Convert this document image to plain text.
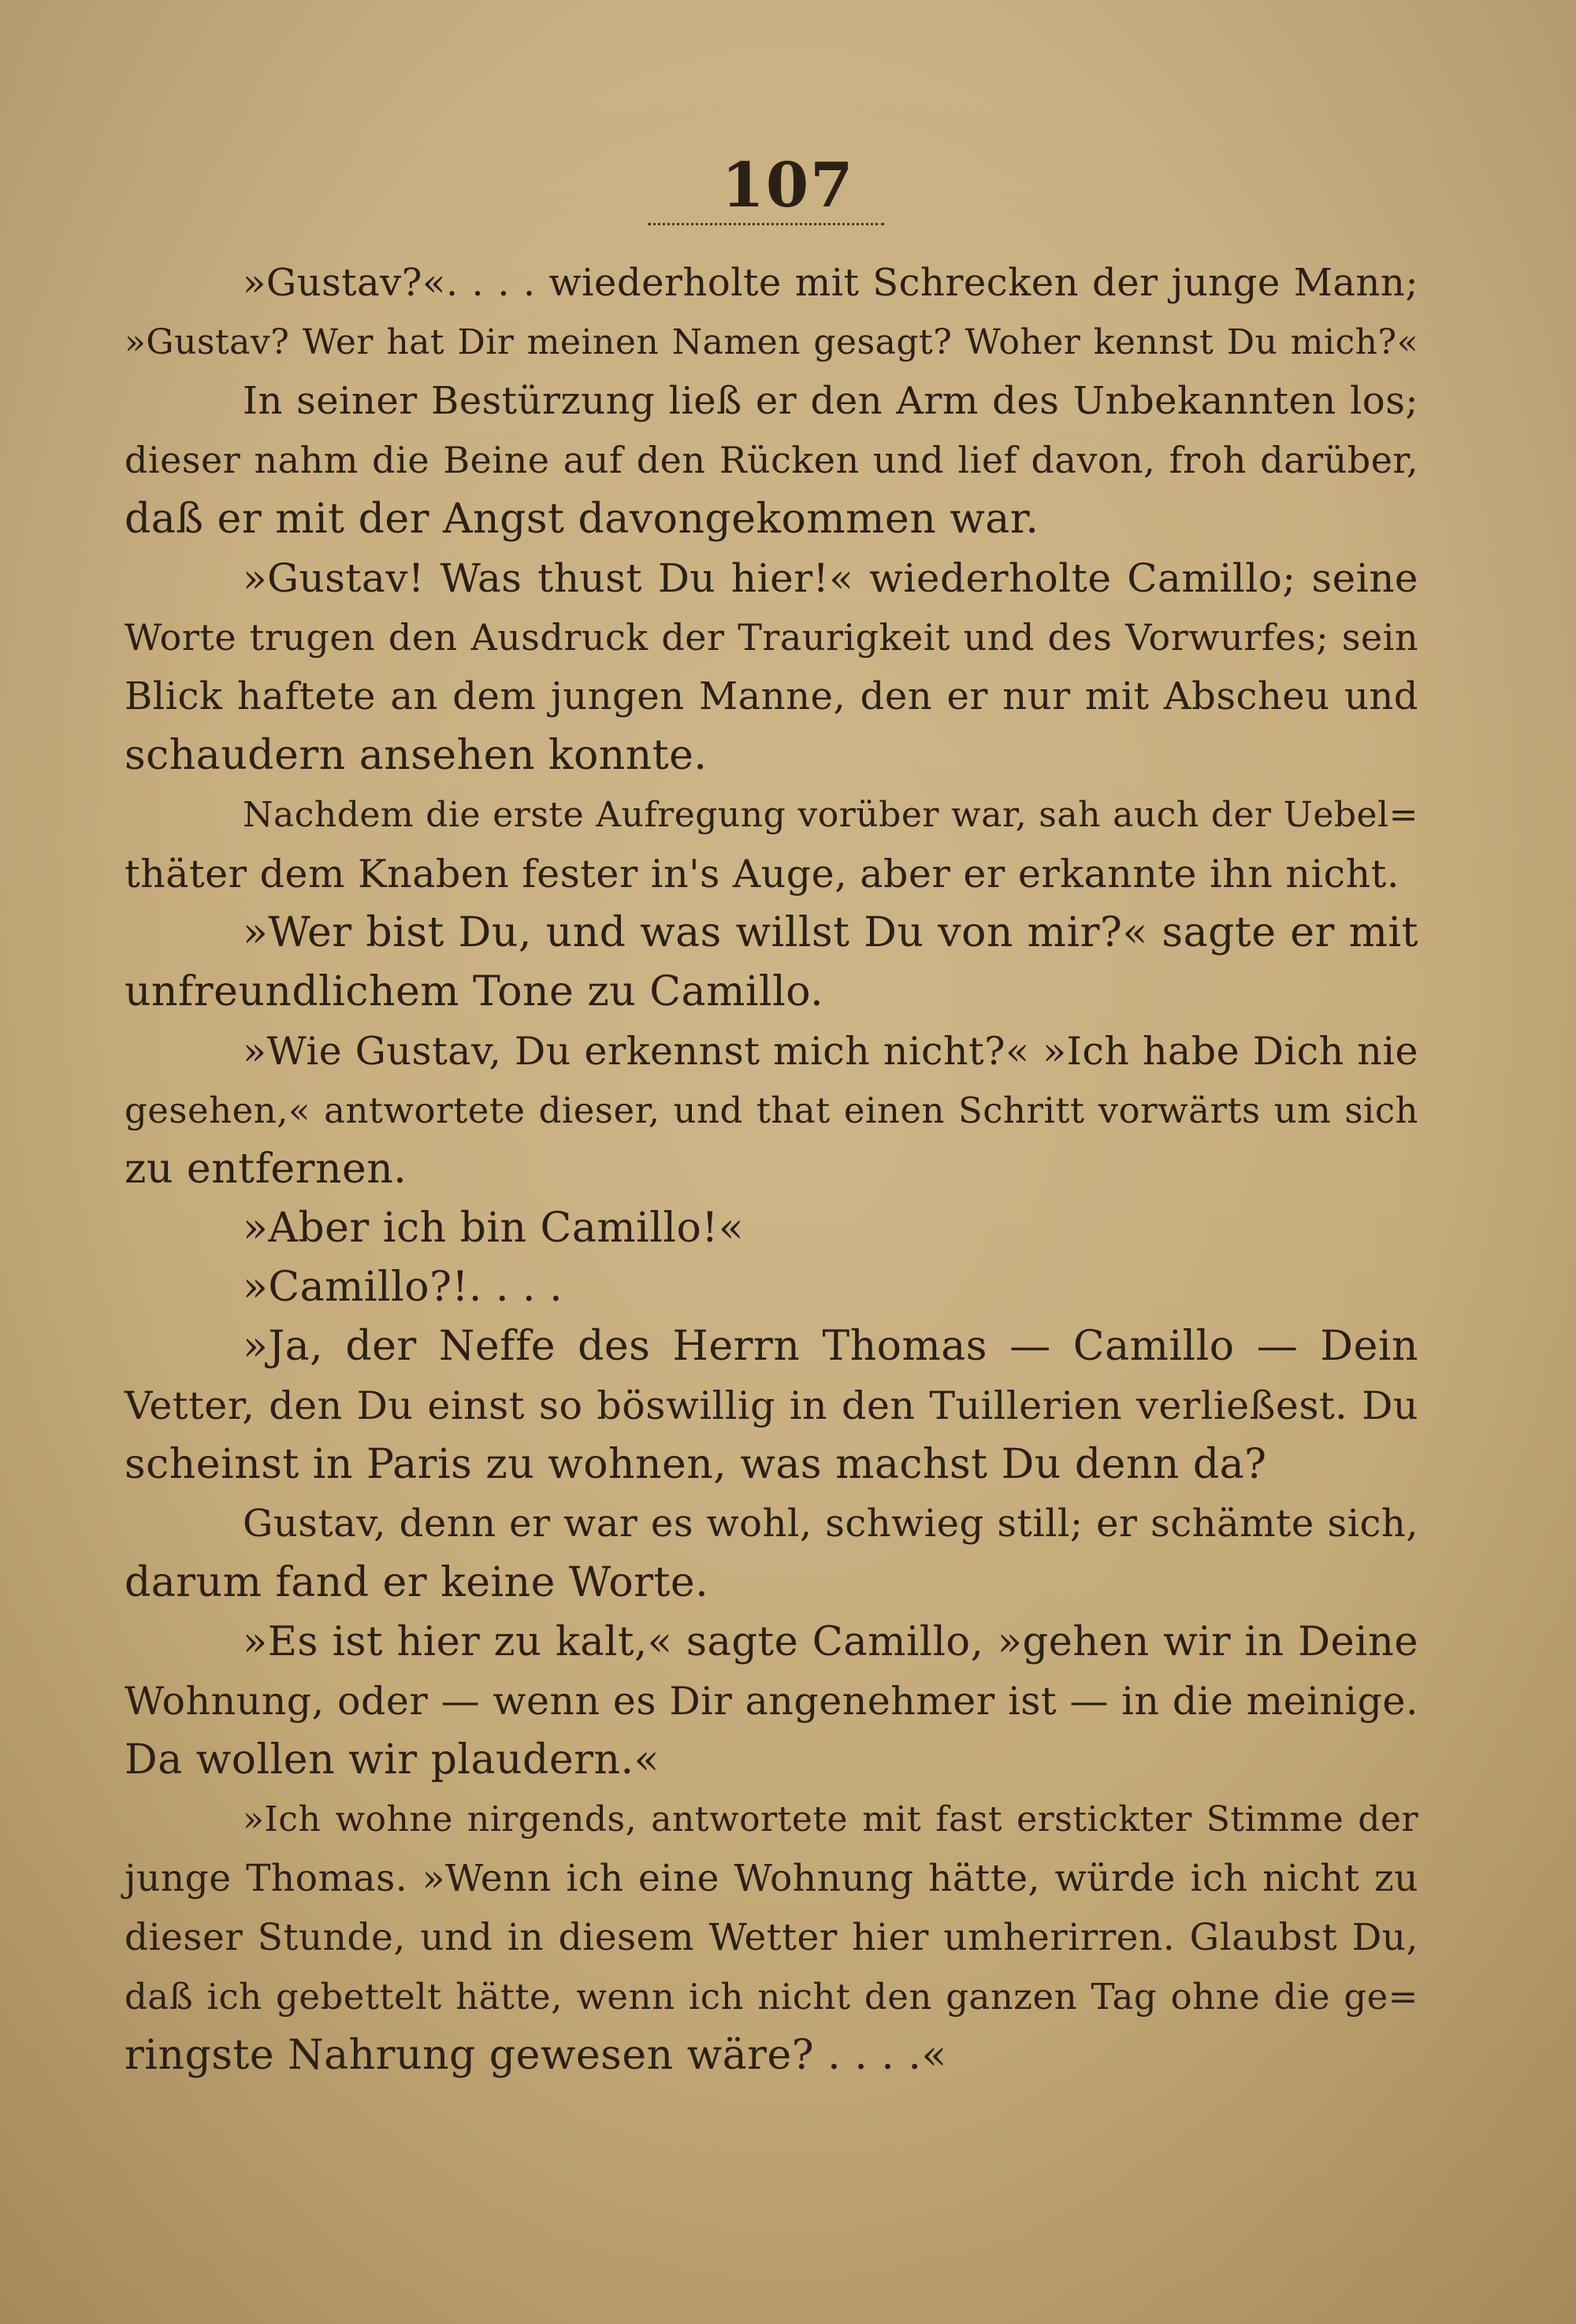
107
»Gustav?«. . . . wiederholte mit Schrecken der junge Mann;
»Gustav? Wer hat Dir meinen Namen gesagt? Woher kennst Du mich?«
In seiner Bestürzung ließ er den Arm des Unbekannten los;
dieser nahm die Beine auf den Rücken und lief davon, froh darüber,
daß er mit der Angst davongekommen war.
»Gustav! Was thust Du hier!« wiederholte Camillo; seine
Worte trugen den Ausdruck der Traurigkeit und des Vorwurfes; sein
Blick haftete an dem jungen Manne, den er nur mit Abscheu und
schaudern ansehen konnte.
Nachdem die erste Aufregung vorüber war, sah auch der Uebel=
thäter dem Knaben fester in's Auge, aber er erkannte ihn nicht.
»Wer bist Du, und was willst Du von mir?« sagte er mit
unfreundlichem Tone zu Camillo.
»Wie Gustav, Du erkennst mich nicht?« »Ich habe Dich nie
gesehen,« antwortete dieser, und that einen Schritt vorwärts um sich
zu entfernen.
»Aber ich bin Camillo!«
»Camillo?!. . . .
»Ja, der Neffe des Herrn Thomas — Camillo — Dein
Vetter, den Du einst so böswillig in den Tuillerien verließest. Du
scheinst in Paris zu wohnen, was machst Du denn da?
Gustav, denn er war es wohl, schwieg still; er schämte sich,
darum fand er keine Worte.
»Es ist hier zu kalt,« sagte Camillo, »gehen wir in Deine
Wohnung, oder — wenn es Dir angenehmer ist — in die meinige.
Da wollen wir plaudern.«
»Ich wohne nirgends, antwortete mit fast erstickter Stimme der
junge Thomas. »Wenn ich eine Wohnung hätte, würde ich nicht zu
dieser Stunde, und in diesem Wetter hier umherirren. Glaubst Du,
daß ich gebettelt hätte, wenn ich nicht den ganzen Tag ohne die ge=
ringste Nahrung gewesen wäre? . . . .«
